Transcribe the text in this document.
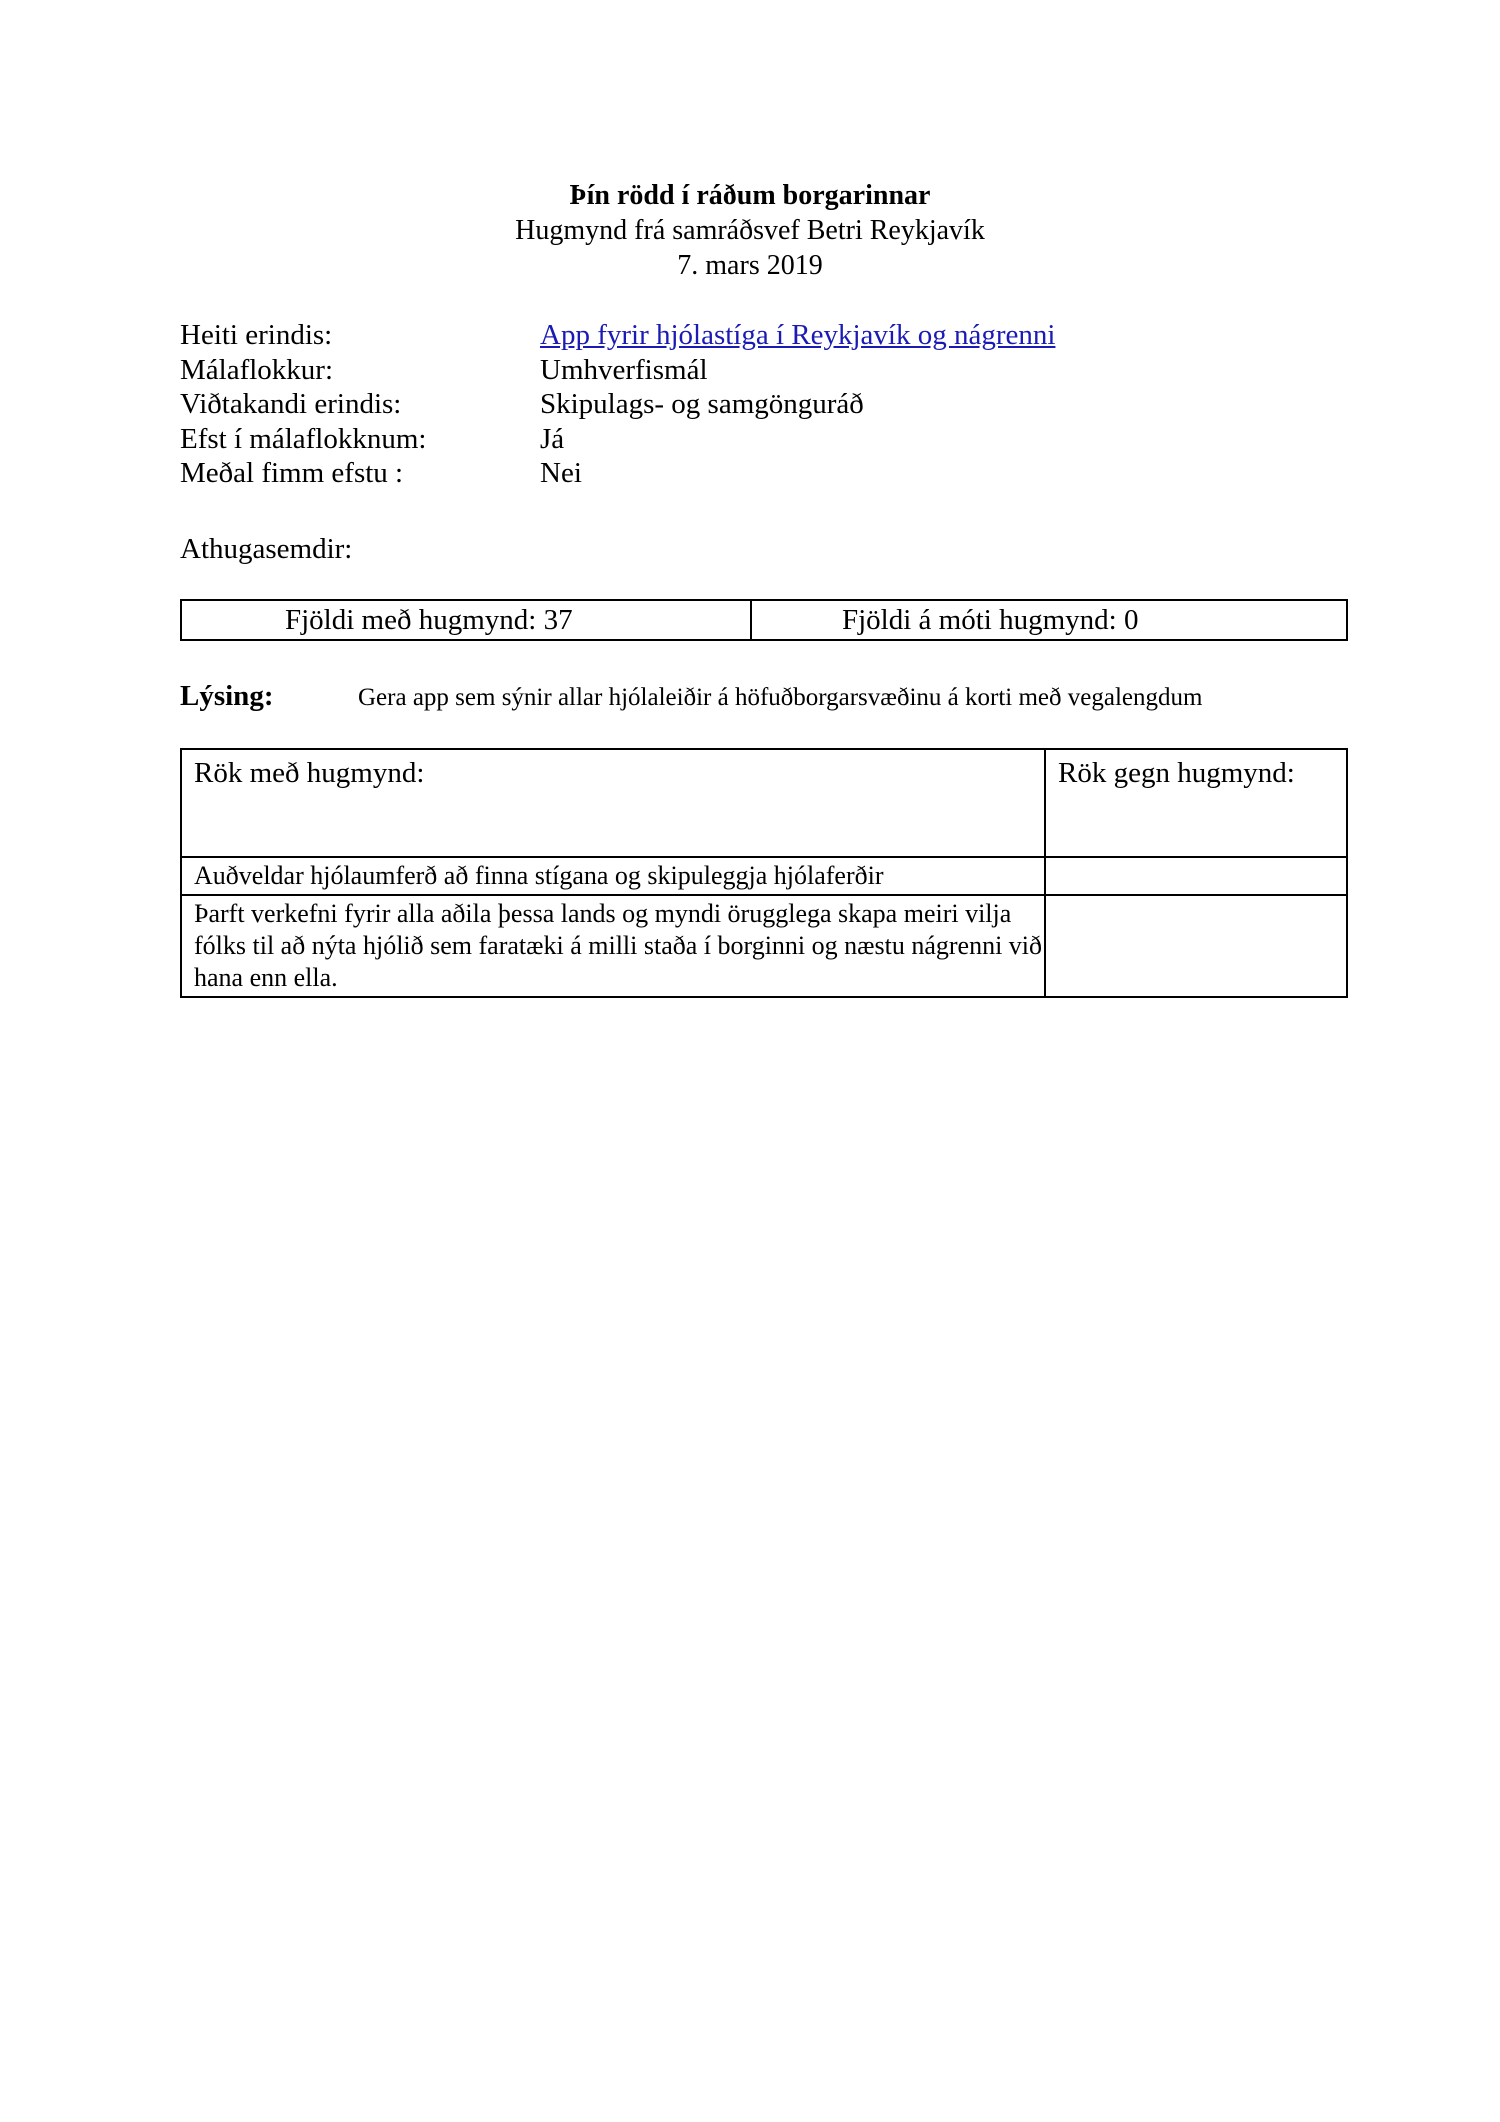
Þín rödd í ráðum borgarinnar
Hugmynd frá samráðsvef Betri Reykjavík
7. mars 2019
Heiti erindis:	App fyrir hjólastíga í Reykjavík og nágrenni
Málaflokkur:	Umhverfismál
Viðtakandi erindis:	Skipulags- og samgönguráð
Efst í málaflokknum:	Já
Meðal fimm efstu :	Nei
Athugasemdir:
Fjöldi með hugmynd: 37	Fjöldi á móti hugmynd: 0
Lýsing:	Gera app sem sýnir allar hjólaleiðir á höfuðborgarsvæðinu á korti með vegalengdum
Rök með hugmynd:	Rök gegn hugmynd:
Auðveldar hjólaumferð að finna stígana og skipuleggja hjólaferðir	
Þarft verkefni fyrir alla aðila þessa lands og myndi örugglega skapa meiri vilja fólks til að nýta hjólið sem faratæki á milli staða í borginni og næstu nágrenni við hana enn ella.	
